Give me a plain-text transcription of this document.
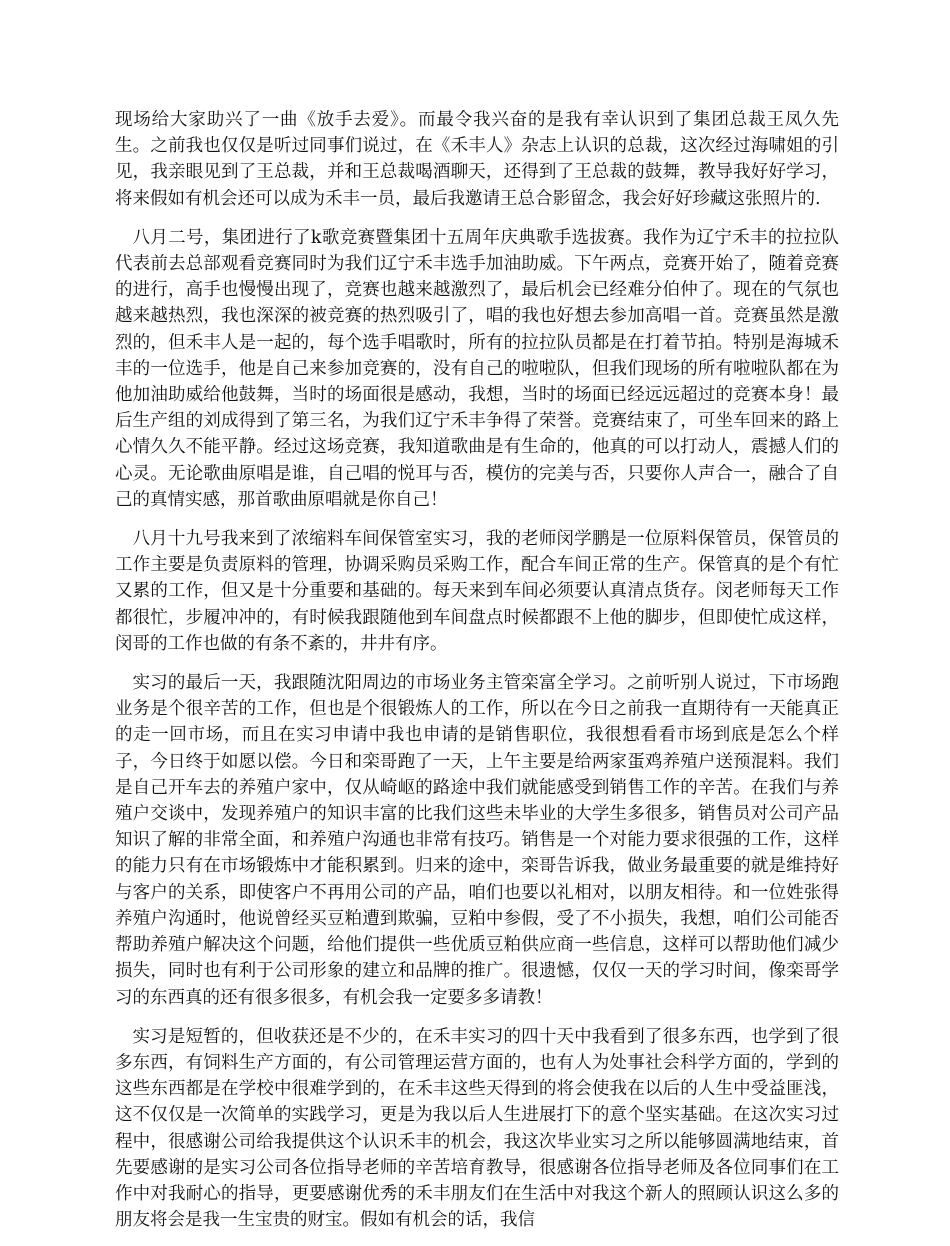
现场给大家助兴了一曲《放手去爱》。而最令我兴奋的是我有幸认识到了集团总裁王凤久先生。之前我也仅仅是听过同事们说过，在《禾丰人》杂志上认识的总裁，这次经过海啸姐的引见，我亲眼见到了王总裁，并和王总裁喝酒聊天，还得到了王总裁的鼓舞，教导我好好学习，将来假如有机会还可以成为禾丰一员，最后我邀请王总合影留念，我会好好珍藏这张照片的.

八月二号，集团进行了k歌竞赛暨集团十五周年庆典歌手选拔赛。我作为辽宁禾丰的拉拉队代表前去总部观看竞赛同时为我们辽宁禾丰选手加油助威。下午两点，竞赛开始了，随着竞赛的进行，高手也慢慢出现了，竞赛也越来越激烈了，最后机会已经难分伯仲了。现在的气氛也越来越热烈，我也深深的被竞赛的热烈吸引了，唱的我也好想去参加高唱一首。竞赛虽然是激烈的，但禾丰人是一起的，每个选手唱歌时，所有的拉拉队员都是在打着节拍。特别是海城禾丰的一位选手，他是自己来参加竞赛的，没有自己的啦啦队，但我们现场的所有啦啦队都在为他加油助威给他鼓舞，当时的场面很是感动，我想，当时的场面已经远远超过的竞赛本身！最后生产组的刘成得到了第三名，为我们辽宁禾丰争得了荣誉。竞赛结束了，可坐车回来的路上心情久久不能平静。经过这场竞赛，我知道歌曲是有生命的，他真的可以打动人，震撼人们的心灵。无论歌曲原唱是谁，自己唱的悦耳与否，模仿的完美与否，只要你人声合一，融合了自己的真情实感，那首歌曲原唱就是你自己！

八月十九号我来到了浓缩料车间保管室实习，我的老师闵学鹏是一位原料保管员，保管员的工作主要是负责原料的管理，协调采购员采购工作，配合车间正常的生产。保管真的是个有忙又累的工作，但又是十分重要和基础的。每天来到车间必须要认真清点货存。闵老师每天工作都很忙，步履冲冲的，有时候我跟随他到车间盘点时候都跟不上他的脚步，但即使忙成这样，闵哥的工作也做的有条不紊的，井井有序。

实习的最后一天，我跟随沈阳周边的市场业务主管栾富全学习。之前听别人说过，下市场跑业务是个很辛苦的工作，但也是个很锻炼人的工作，所以在今日之前我一直期待有一天能真正的走一回市场，而且在实习申请中我也申请的是销售职位，我很想看看市场到底是怎么个样子，今日终于如愿以偿。今日和栾哥跑了一天，上午主要是给两家蛋鸡养殖户送预混料。我们是自己开车去的养殖户家中，仅从崎岖的路途中我们就能感受到销售工作的辛苦。在我们与养殖户交谈中，发现养殖户的知识丰富的比我们这些未毕业的大学生多很多，销售员对公司产品知识了解的非常全面，和养殖户沟通也非常有技巧。销售是一个对能力要求很强的工作，这样的能力只有在市场锻炼中才能积累到。归来的途中，栾哥告诉我，做业务最重要的就是维持好与客户的关系，即使客户不再用公司的产品，咱们也要以礼相对，以朋友相待。和一位姓张得养殖户沟通时，他说曾经买豆粕遭到欺骗，豆粕中参假，受了不小损失，我想，咱们公司能否帮助养殖户解决这个问题，给他们提供一些优质豆粕供应商一些信息，这样可以帮助他们减少损失，同时也有利于公司形象的建立和品牌的推广。很遗憾，仅仅一天的学习时间，像栾哥学习的东西真的还有很多很多，有机会我一定要多多请教！

实习是短暂的，但收获还是不少的，在禾丰实习的四十天中我看到了很多东西，也学到了很多东西，有饲料生产方面的，有公司管理运营方面的，也有人为处事社会科学方面的，学到的这些东西都是在学校中很难学到的，在禾丰这些天得到的将会使我在以后的人生中受益匪浅，这不仅仅是一次简单的实践学习，更是为我以后人生进展打下的意个坚实基础。在这次实习过程中，很感谢公司给我提供这个认识禾丰的机会，我这次毕业实习之所以能够圆满地结束，首先要感谢的是实习公司各位指导老师的辛苦培育教导，很感谢各位指导老师及各位同事们在工作中对我耐心的指导，更要感谢优秀的禾丰朋友们在生活中对我这个新人的照顾认识这么多的朋友将会是我一生宝贵的财宝。假如有机会的话，我信
